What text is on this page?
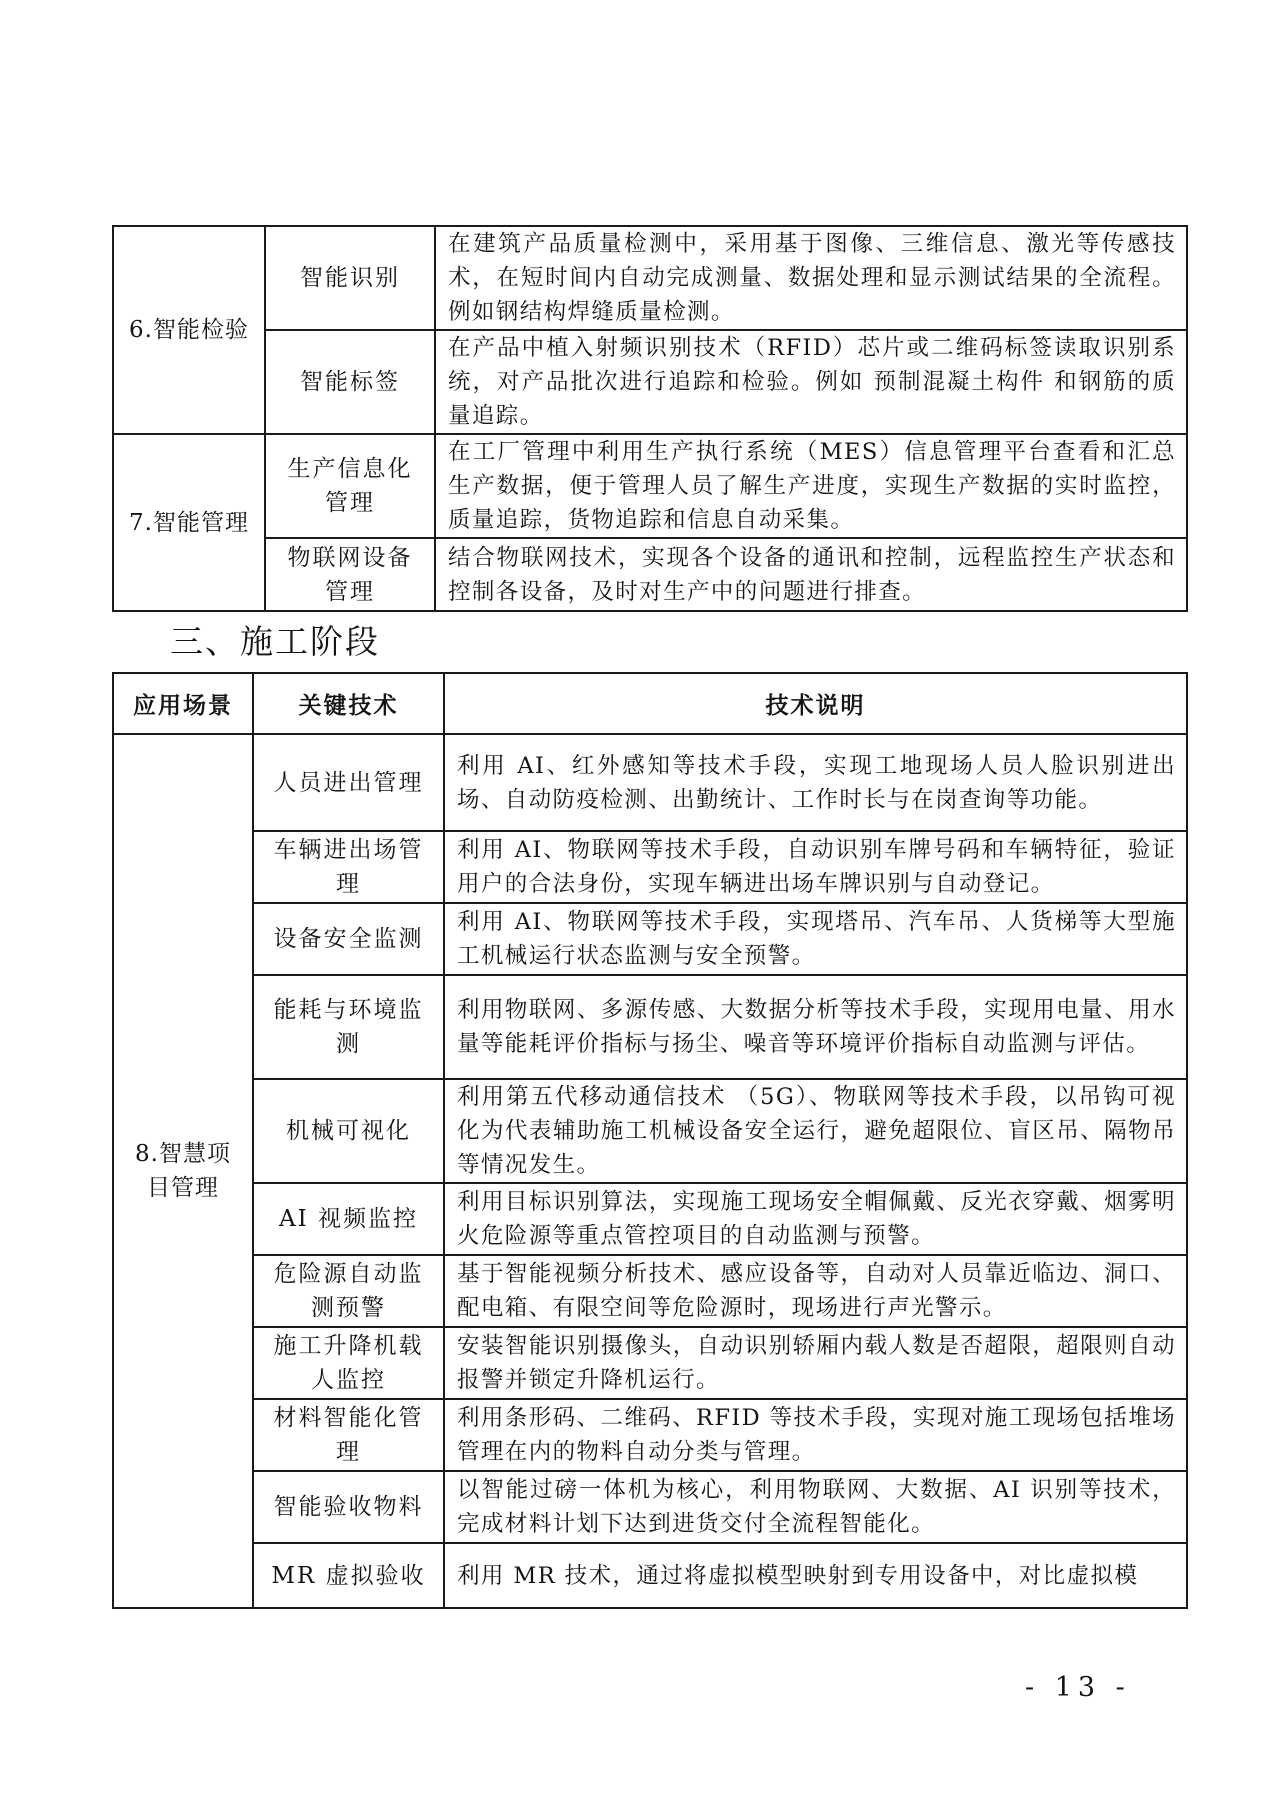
6.智能检验	智能识别	在建筑产品质量检测中，采用基于图像、三维信息、激光等传感技术，在短时间内自动完成测量、数据处理和显示测试结果的全流程。例如钢结构焊缝质量检测。
	智能标签	在产品中植入射频识别技术（RFID）芯片或二维码标签读取识别系统，对产品批次进行追踪和检验。例如 预制混凝土构件 和钢筋的质量追踪。
7.智能管理	生产信息化管理	在工厂管理中利用生产执行系统（MES）信息管理平台查看和汇总生产数据，便于管理人员了解生产进度，实现生产数据的实时监控，质量追踪，货物追踪和信息自动采集。
	物联网设备管理	结合物联网技术，实现各个设备的通讯和控制，远程监控生产状态和控制各设备，及时对生产中的问题进行排查。
三、施工阶段
应用场景	关键技术	技术说明
8.智慧项目管理	人员进出管理	利用 AI、红外感知等技术手段，实现工地现场人员人脸识别进出场、自动防疫检测、出勤统计、工作时长与在岗查询等功能。
	车辆进出场管理	利用 AI、物联网等技术手段，自动识别车牌号码和车辆特征，验证用户的合法身份，实现车辆进出场车牌识别与自动登记。
	设备安全监测	利用 AI、物联网等技术手段，实现塔吊、汽车吊、人货梯等大型施工机械运行状态监测与安全预警。
	能耗与环境监测	利用物联网、多源传感、大数据分析等技术手段，实现用电量、用水量等能耗评价指标与扬尘、噪音等环境评价指标自动监测与评估。
	机械可视化	利用第五代移动通信技术 （5G）、物联网等技术手段，以吊钩可视化为代表辅助施工机械设备安全运行，避免超限位、盲区吊、隔物吊等情况发生。
	AI 视频监控	利用目标识别算法，实现施工现场安全帽佩戴、反光衣穿戴、烟雾明火危险源等重点管控项目的自动监测与预警。
	危险源自动监测预警	基于智能视频分析技术、感应设备等，自动对人员靠近临边、洞口、配电箱、有限空间等危险源时，现场进行声光警示。
	施工升降机载人监控	安装智能识别摄像头，自动识别轿厢内载人数是否超限，超限则自动报警并锁定升降机运行。
	材料智能化管理	利用条形码、二维码、RFID 等技术手段，实现对施工现场包括堆场管理在内的物料自动分类与管理。
	智能验收物料	以智能过磅一体机为核心，利用物联网、大数据、AI 识别等技术，完成材料计划下达到进货交付全流程智能化。
	MR 虚拟验收	利用 MR 技术，通过将虚拟模型映射到专用设备中，对比虚拟模
- 13 -
